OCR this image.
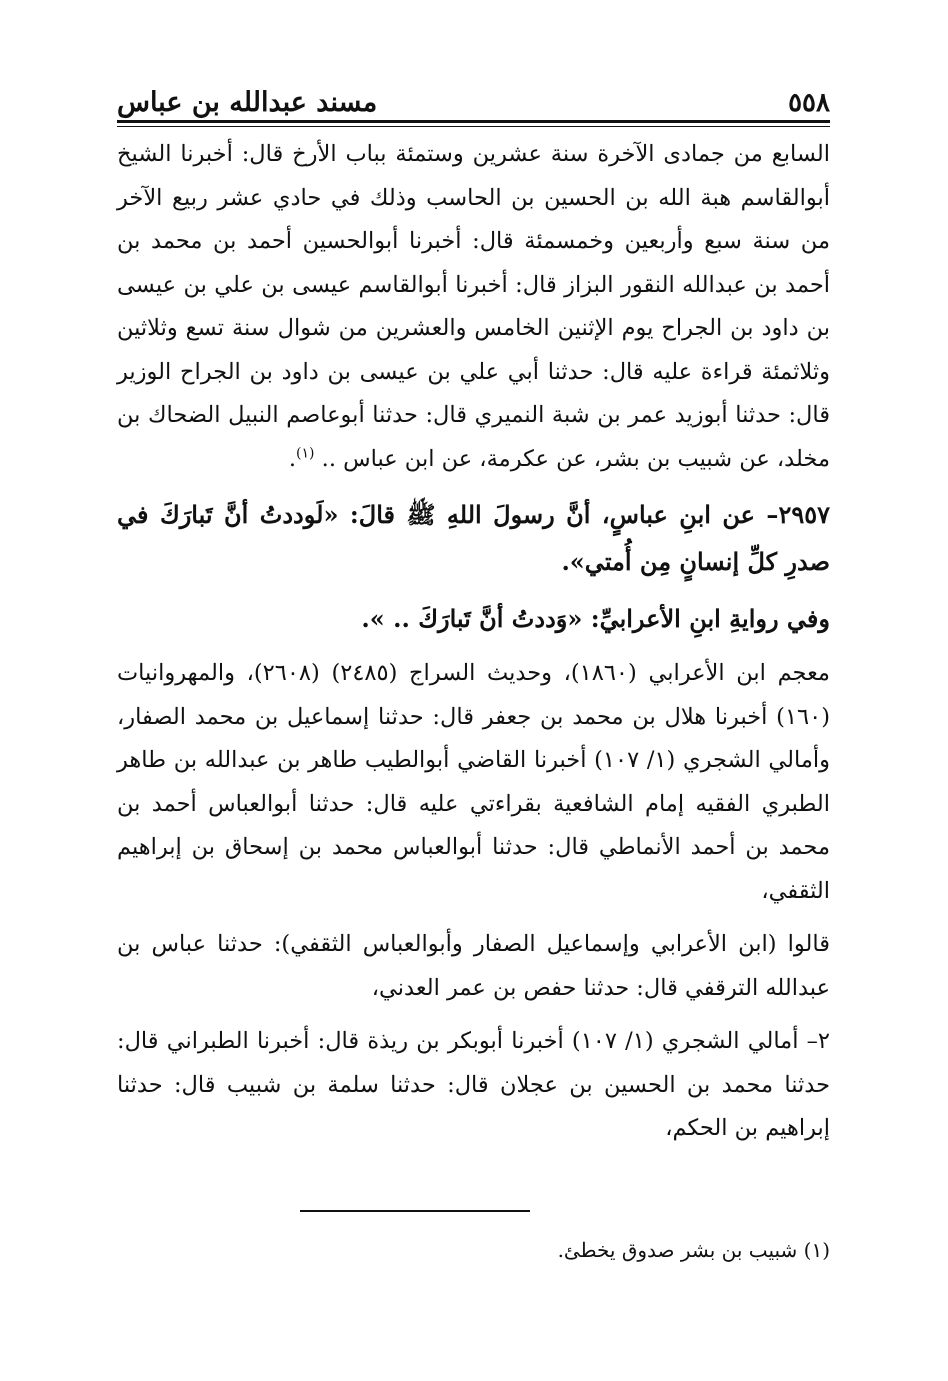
٥٥٨
مسند عبدالله بن عباس

السابع من جمادى الآخرة سنة عشرين وستمئة بباب الأرخ قال: أخبرنا الشيخ أبوالقاسم هبة الله بن الحسين بن الحاسب وذلك في حادي عشر ربيع الآخر من سنة سبع وأربعين وخمسمئة قال: أخبرنا أبوالحسين أحمد بن محمد بن أحمد بن عبدالله النقور البزاز قال: أخبرنا أبوالقاسم عيسى بن علي بن عيسى بن داود بن الجراح يوم الإثنين الخامس والعشرين من شوال سنة تسع وثلاثين وثلاثمئة قراءة عليه قال: حدثنا أبي علي بن عيسى بن داود بن الجراح الوزير قال: حدثنا أبوزيد عمر بن شبة النميري قال: حدثنا أبوعاصم النبيل الضحاك بن مخلد، عن شبيب بن بشر، عن عكرمة، عن ابن عباس .. $^{(١)}$.

٢٩٥٧– عن ابنِ عباسٍ، أنَّ رسولَ اللهِ ﷺ قالَ: «لَوددتُ أنَّ تَبارَكَ في صدرِ كلِّ إنسانٍ مِن أُمتي».

وفي روايةِ ابنِ الأعرابيِّ: «وَددتُ أنَّ تَبارَكَ .. ».

معجم ابن الأعرابي (١٨٦٠)، وحديث السراج (٢٤٨٥) (٢٦٠٨)، والمهروانيات (١٦٠) أخبرنا هلال بن محمد بن جعفر قال: حدثنا إسماعيل بن محمد الصفار، وأمالي الشجري (١/ ١٠٧) أخبرنا القاضي أبوالطيب طاهر بن عبدالله بن طاهر الطبري الفقيه إمام الشافعية بقراءتي عليه قال: حدثنا أبوالعباس أحمد بن محمد بن أحمد الأنماطي قال: حدثنا أبوالعباس محمد بن إسحاق بن إبراهيم الثقفي،

قالوا (ابن الأعرابي وإسماعيل الصفار وأبوالعباس الثقفي): حدثنا عباس بن عبدالله الترقفي قال: حدثنا حفص بن عمر العدني،

٢– أمالي الشجري (١/ ١٠٧) أخبرنا أبوبكر بن ريذة قال: أخبرنا الطبراني قال: حدثنا محمد بن الحسين بن عجلان قال: حدثنا سلمة بن شبيب قال: حدثنا إبراهيم بن الحكم،

(١) شبيب بن بشر صدوق يخطئ.
